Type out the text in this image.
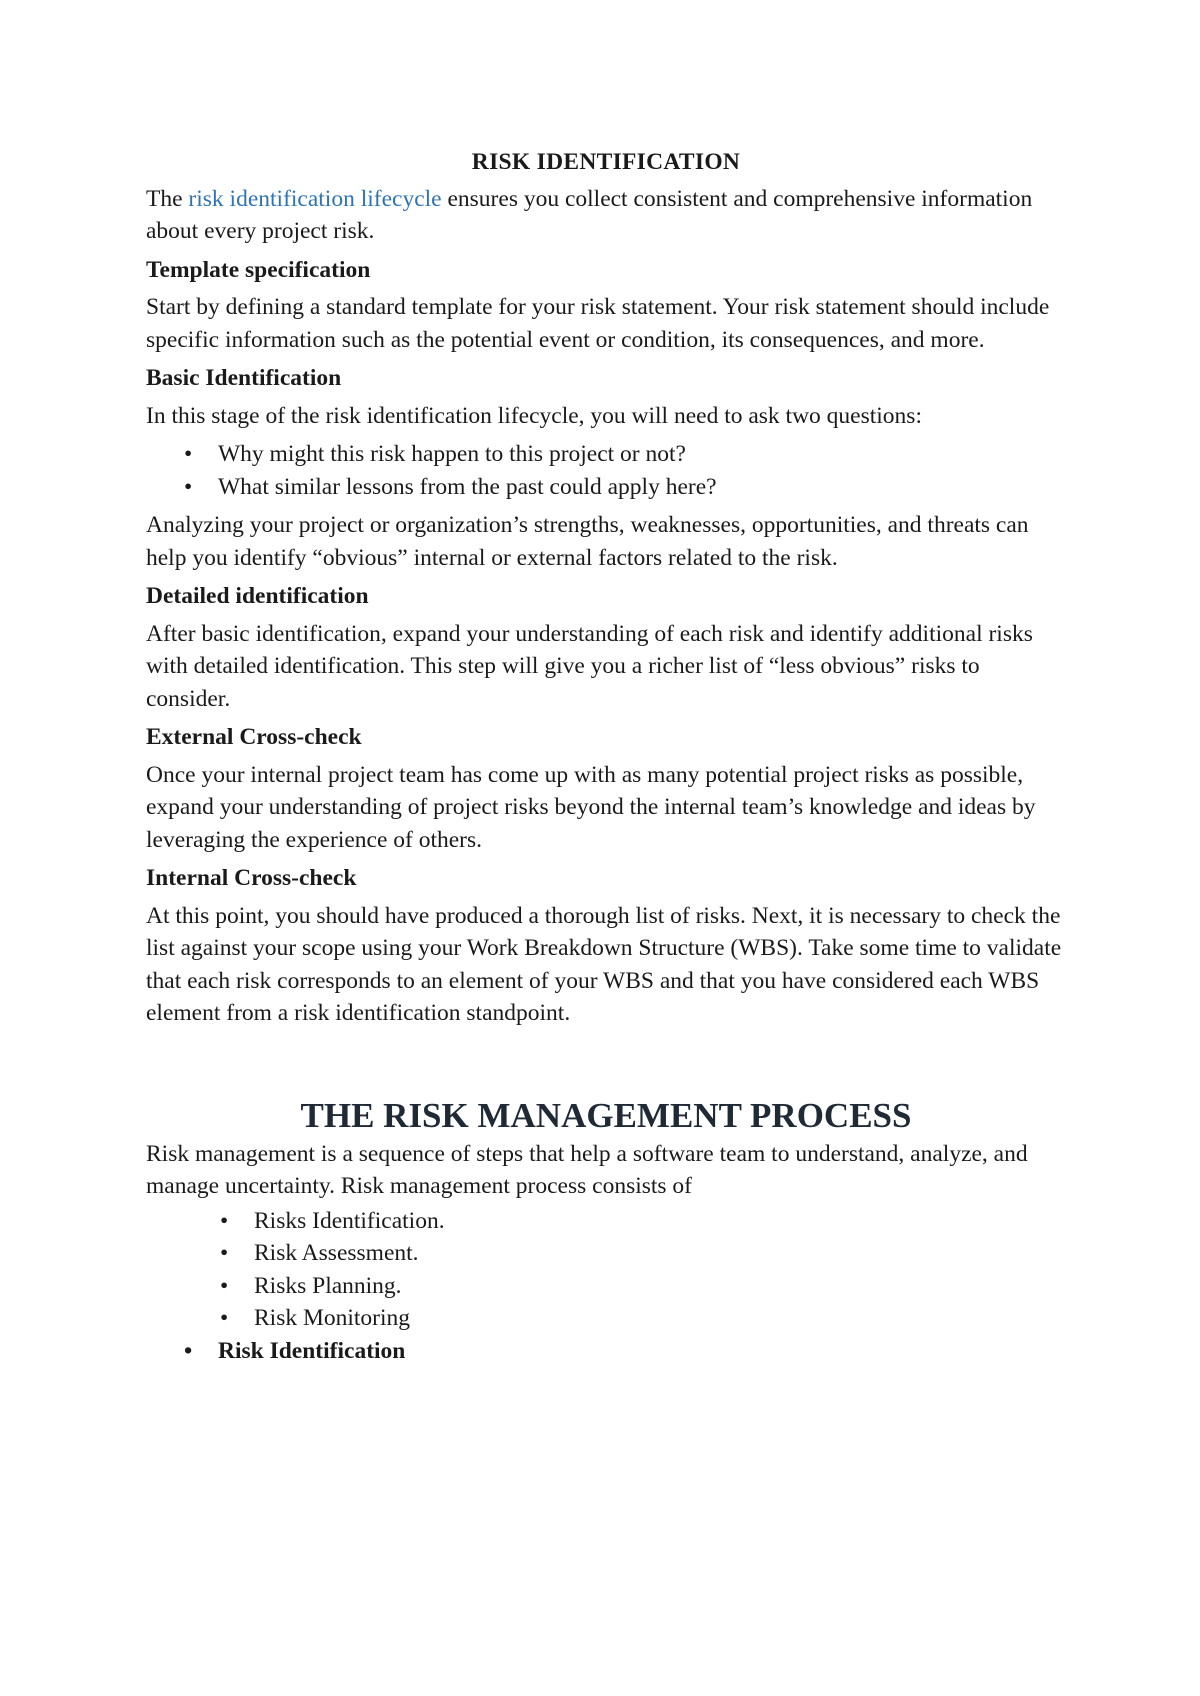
RISK IDENTIFICATION

The risk identification lifecycle ensures you collect consistent and comprehensive information about every project risk.

Template specification

Start by defining a standard template for your risk statement. Your risk statement should include specific information such as the potential event or condition, its consequences, and more.

Basic Identification

In this stage of the risk identification lifecycle, you will need to ask two questions:

• Why might this risk happen to this project or not?
• What similar lessons from the past could apply here?

Analyzing your project or organization’s strengths, weaknesses, opportunities, and threats can help you identify “obvious” internal or external factors related to the risk.

Detailed identification

After basic identification, expand your understanding of each risk and identify additional risks with detailed identification. This step will give you a richer list of “less obvious” risks to consider.

External Cross-check

Once your internal project team has come up with as many potential project risks as possible, expand your understanding of project risks beyond the internal team’s knowledge and ideas by leveraging the experience of others.

Internal Cross-check

At this point, you should have produced a thorough list of risks. Next, it is necessary to check the list against your scope using your Work Breakdown Structure (WBS). Take some time to validate that each risk corresponds to an element of your WBS and that you have considered each WBS element from a risk identification standpoint.

THE RISK MANAGEMENT PROCESS

Risk management is a sequence of steps that help a software team to understand, analyze, and manage uncertainty. Risk management process consists of

• Risks Identification.
• Risk Assessment.
• Risks Planning.
• Risk Monitoring
• Risk Identification
